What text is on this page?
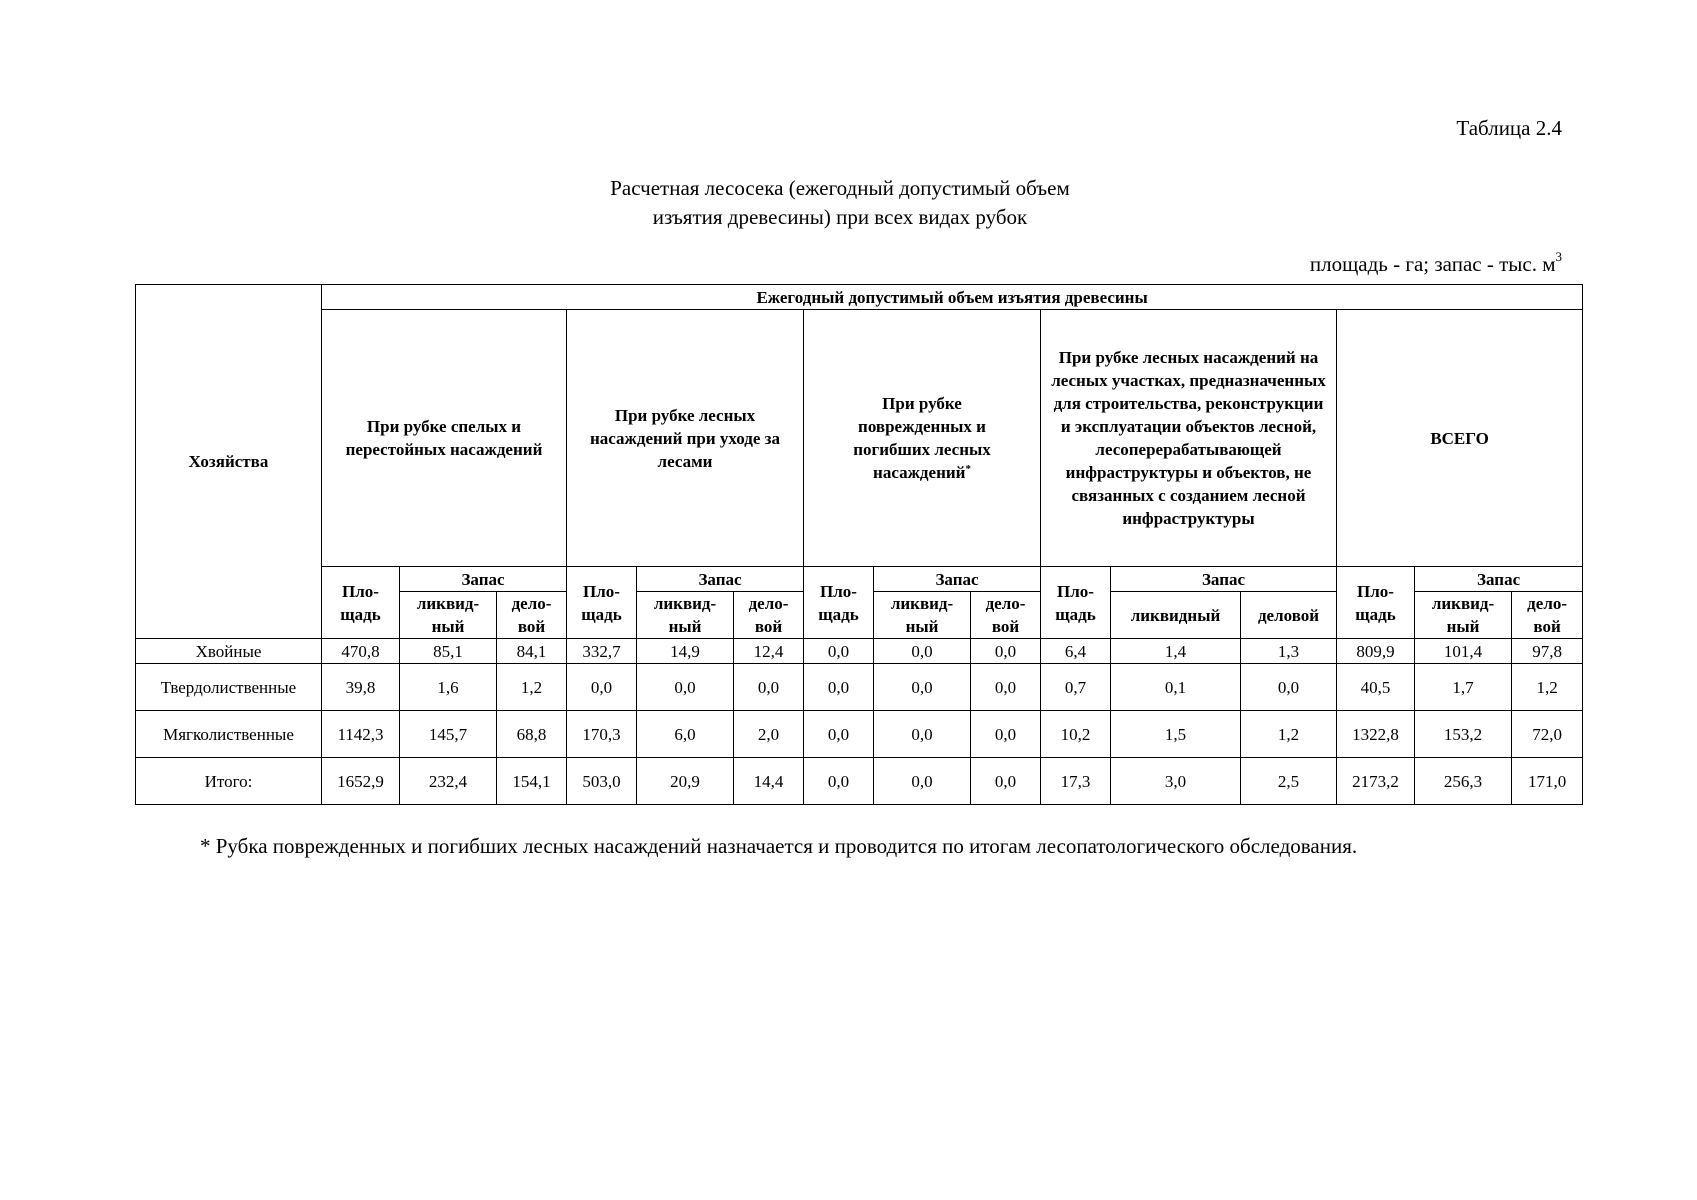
Таблица 2.4
Расчетная лесосека (ежегодный допустимый объем
изъятия древесины) при всех видах рубок
площадь - га; запас - тыс. $м^3$
Хозяйства	Ежегодный допустимый объем изъятия древесины														
	При рубке спелых и перестойных насаждений			При рубке лесных насаждений при уходе за лесами			При рубке поврежденных и погибших лесных насаждений*			При рубке лесных насаждений на лесных участках, предназначенных для строительства, реконструкции и эксплуатации объектов лесной, лесоперерабатывающей инфраструктуры и объектов, не связанных с созданием лесной инфраструктуры			ВСЕГО		
	Пло-щадь	Запас		Пло-щадь	Запас		Пло-щадь	Запас		Пло-щадь	Запас		Пло-щадь	Запас	
		ликвид-ный	дело-вой		ликвид-ный	дело-вой		ликвид-ный	дело-вой		ликвидный	деловой		ликвид-ный	дело-вой
Хвойные	470,8	85,1	84,1	332,7	14,9	12,4	0,0	0,0	0,0	6,4	1,4	1,3	809,9	101,4	97,8
Твердолиственные	39,8	1,6	1,2	0,0	0,0	0,0	0,0	0,0	0,0	0,7	0,1	0,0	40,5	1,7	1,2
Мягколиственные	1142,3	145,7	68,8	170,3	6,0	2,0	0,0	0,0	0,0	10,2	1,5	1,2	1322,8	153,2	72,0
Итого:	1652,9	232,4	154,1	503,0	20,9	14,4	0,0	0,0	0,0	17,3	3,0	2,5	2173,2	256,3	171,0
* Рубка поврежденных и погибших лесных насаждений назначается и проводится по итогам лесопатологического обследования.
